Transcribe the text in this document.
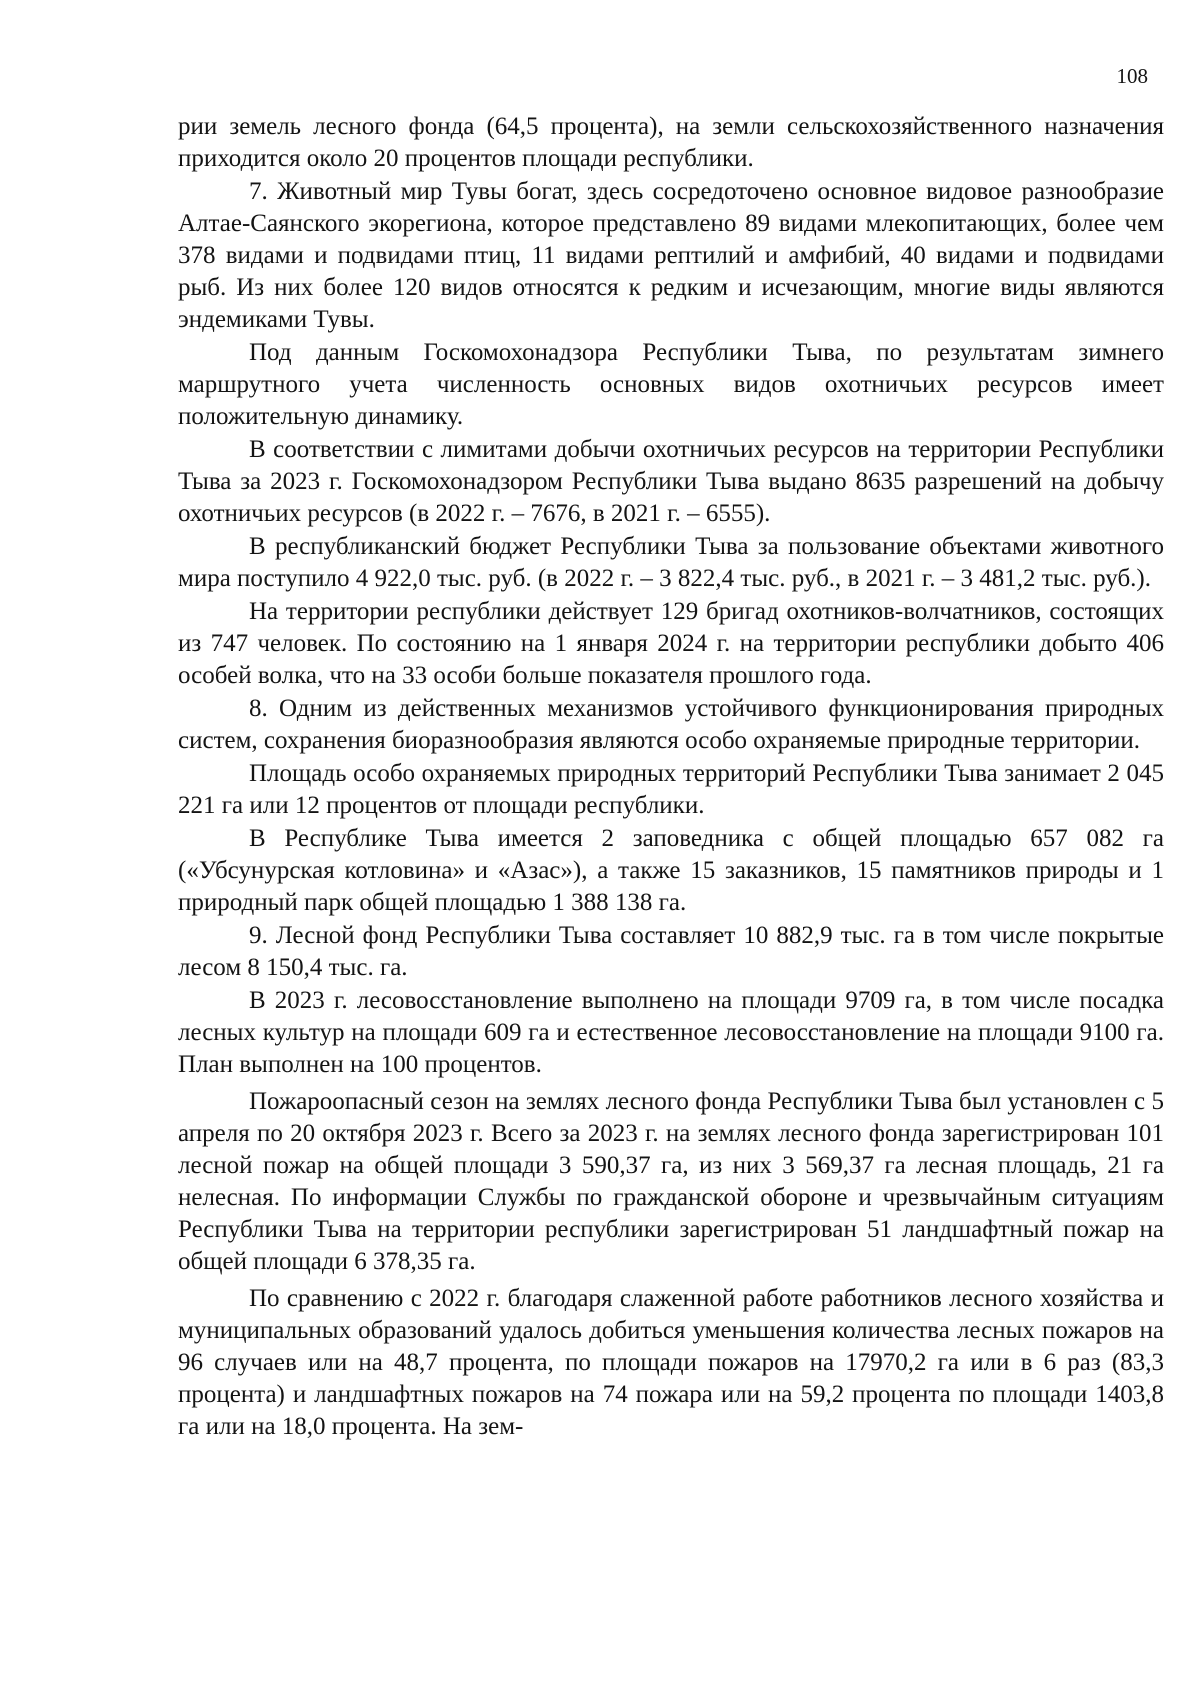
108

рии земель лесного фонда (64,5 процента), на земли сельскохозяйственного назначения приходится около 20 процентов площади республики.

7. Животный мир Тувы богат, здесь сосредоточено основное видовое разнообразие Алтае-Саянского экорегиона, которое представлено 89 видами млекопитающих, более чем 378 видами и подвидами птиц, 11 видами рептилий и амфибий, 40 видами и подвидами рыб. Из них более 120 видов относятся к редким и исчезающим, многие виды являются эндемиками Тувы.

Под данным Госкомохонадзора Республики Тыва, по результатам зимнего маршрутного учета численность основных видов охотничьих ресурсов имеет положительную динамику.

В соответствии с лимитами добычи охотничьих ресурсов на территории Республики Тыва за 2023 г. Госкомохонадзором Республики Тыва выдано 8635 разрешений на добычу охотничьих ресурсов (в 2022 г. – 7676, в 2021 г. – 6555).

В республиканский бюджет Республики Тыва за пользование объектами животного мира поступило 4 922,0 тыс. руб. (в 2022 г. – 3 822,4 тыс. руб., в 2021 г. – 3 481,2 тыс. руб.).

На территории республики действует 129 бригад охотников-волчатников, состоящих из 747 человек. По состоянию на 1 января 2024 г. на территории республики добыто 406 особей волка, что на 33 особи больше показателя прошлого года.

8. Одним из действенных механизмов устойчивого функционирования природных систем, сохранения биоразнообразия являются особо охраняемые природные территории.

Площадь особо охраняемых природных территорий Республики Тыва занимает 2 045 221 га или 12 процентов от площади республики.

В Республике Тыва имеется 2 заповедника с общей площадью 657 082 га («Убсунурская котловина» и «Азас»), а также 15 заказников, 15 памятников природы и 1 природный парк общей площадью 1 388 138 га.

9. Лесной фонд Республики Тыва составляет 10 882,9 тыс. га в том числе покрытые лесом 8 150,4 тыс. га.

В 2023 г. лесовосстановление выполнено на площади 9709 га, в том числе посадка лесных культур на площади 609 га и естественное лесовосстановление на площади 9100 га. План выполнен на 100 процентов.

Пожароопасный сезон на землях лесного фонда Республики Тыва был установлен с 5 апреля по 20 октября 2023 г. Всего за 2023 г. на землях лесного фонда зарегистрирован 101 лесной пожар на общей площади 3 590,37 га, из них 3 569,37 га лесная площадь, 21 га нелесная. По информации Службы по гражданской обороне и чрезвычайным ситуациям Республики Тыва на территории республики зарегистрирован 51 ландшафтный пожар на общей площади 6 378,35 га.

По сравнению с 2022 г. благодаря слаженной работе работников лесного хозяйства и муниципальных образований удалось добиться уменьшения количества лесных пожаров на 96 случаев или на 48,7 процента, по площади пожаров на 17970,2 га или в 6 раз (83,3 процента) и ландшафтных пожаров на 74 пожара или на 59,2 процента по площади 1403,8 га или на 18,0 процента. На зем-
